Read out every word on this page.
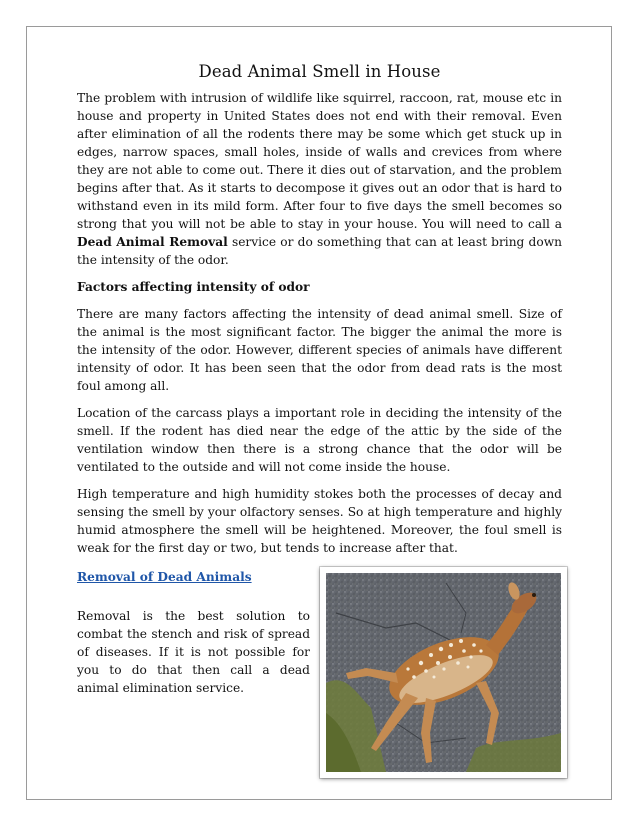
Dead Animal Smell in House

The problem with intrusion of wildlife like squirrel, raccoon, rat, mouse etc in house and property in United States does not end with their removal. Even after elimination of all the rodents there may be some which get stuck up in edges, narrow spaces, small holes, inside of walls and crevices from where they are not able to come out. There it dies out of starvation, and the problem begins after that. As it starts to decompose it gives out an odor that is hard to withstand even in its mild form. After four to five days the smell becomes so strong that you will not be able to stay in your house. You will need to call a Dead Animal Removal service or do something that can at least bring down the intensity of the odor.

Factors affecting intensity of odor

There are many factors affecting the intensity of dead animal smell. Size of the animal is the most significant factor. The bigger the animal the more is the intensity of the odor. However, different species of animals have different intensity of odor. It has been seen that the odor from dead rats is the most foul among all.

Location of the carcass plays a important role in deciding the intensity of the smell. If the rodent has died near the edge of the attic by the side of the ventilation window then there is a strong chance that the odor will be ventilated to the outside and will not come inside the house.

High temperature and high humidity stokes both the processes of decay and sensing the smell by your olfactory senses. So at high temperature and highly humid atmosphere the smell will be heightened. Moreover, the foul smell is weak for the first day or two, but tends to increase after that.

Removal of Dead Animals

Removal is the best solution to combat the stench and risk of spread of diseases. If it is not possible for you to do that then call a dead animal elimination service.
